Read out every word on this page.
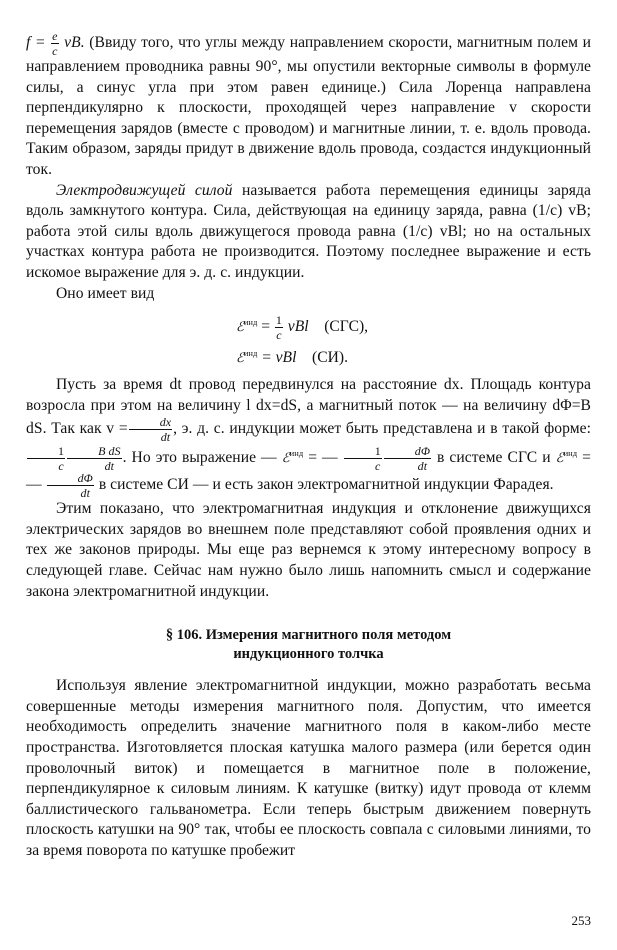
$f = \frac{e}{c}$ vB. (Ввиду того, что углы между направлением скорости, магнитным полем и направлением проводника равны 90°, мы опустили векторные символы в формуле силы, а синус угла при этом равен единице.) Сила Лоренца направлена перпендикулярно к плоскости, проходящей через направление v скорости перемещения зарядов (вместе с проводом) и магнитные линии, т. е. вдоль провода. Таким образом, заряды придут в движение вдоль провода, создастся индукционный ток.

Электродвижущей силой называется работа перемещения единицы заряда вдоль замкнутого контура. Сила, действующая на единицу заряда, равна (1/c) vB; работа этой силы вдоль движущегося провода равна (1/c) vBl; но на остальных участках контура работа не производится. Поэтому последнее выражение и есть искомое выражение для э. д. с. индукции.

Оно имеет вид

ℰ$^{инд}$ = $\frac{1}{c}$ vBl (СГС),
ℰ$^{инд}$ = vBl (СИ).

Пусть за время dt провод передвинулся на расстояние dx. Площадь контура возросла при этом на величину l dx=dS, а магнитный поток — на величину dΦ=B dS. Так как $v = \frac{dx}{dt}$ , э. д. с. индукции может быть представлена и в такой форме:
$\frac{1}{c} \frac{\text{B dS}}{dt}$ . Но это выражение — ℰ$^{инд}$ = — $\frac{1}{c} \frac{d\Phi}{dt}$ в системе СГС и ℰ$^{инд}$ = — $\frac{d\Phi}{dt}$ в системе СИ — и есть закон электромагнитной индукции Фарадея.

Этим показано, что электромагнитная индукция и отклонение движущихся электрических зарядов во внешнем поле представляют собой проявления одних и тех же законов природы. Мы еще раз вернемся к этому интересному вопросу в следующей главе. Сейчас нам нужно было лишь напомнить смысл и содержание закона электромагнитной индукции.

§ 106. Измерения магнитного поля методом
индукционного толчка

Используя явление электромагнитной индукции, можно разработать весьма совершенные методы измерения магнитного поля. Допустим, что имеется необходимость определить значение магнитного поля в каком-либо месте пространства. Изготовляется плоская катушка малого размера (или берется один проволочный виток) и помещается в магнитное поле в положение, перпендикулярное к силовым линиям. К катушке (витку) идут провода от клемм баллистического гальванометра. Если теперь быстрым движением повернуть плоскость катушки на 90° так, чтобы ее плоскость совпала с силовыми линиями, то за время поворота по катушке пробежит

253
